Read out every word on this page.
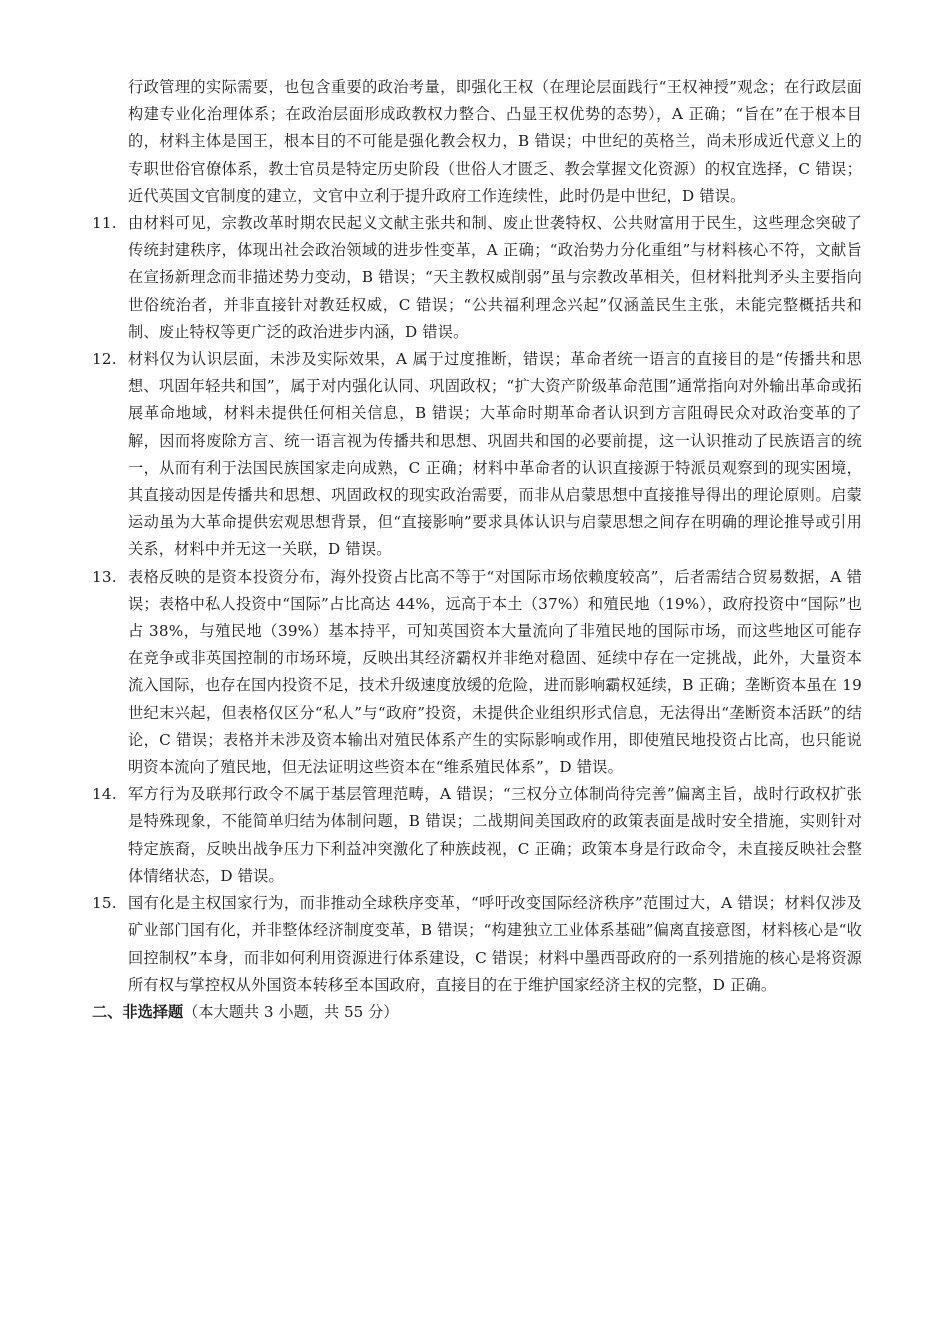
行政管理的实际需要，也包含重要的政治考量，即强化王权（在理论层面践行“王权神授”观念；在行政层面构建专业化治理体系；在政治层面形成政教权力整合、凸显王权优势的态势），A 正确；“旨在”在于根本目的，材料主体是国王，根本目的不可能是强化教会权力，B 错误；中世纪的英格兰，尚未形成近代意义上的专职世俗官僚体系，教士官员是特定历史阶段（世俗人才匮乏、教会掌握文化资源）的权宜选择，C 错误；近代英国文官制度的建立，文官中立利于提升政府工作连续性，此时仍是中世纪，D 错误。

11. 由材料可见，宗教改革时期农民起义文献主张共和制、废止世袭特权、公共财富用于民生，这些理念突破了传统封建秩序，体现出社会政治领域的进步性变革，A 正确；“政治势力分化重组”与材料核心不符，文献旨在宣扬新理念而非描述势力变动，B 错误；“天主教权威削弱”虽与宗教改革相关，但材料批判矛头主要指向世俗统治者，并非直接针对教廷权威，C 错误；“公共福利理念兴起”仅涵盖民生主张，未能完整概括共和制、废止特权等更广泛的政治进步内涵，D 错误。

12. 材料仅为认识层面，未涉及实际效果，A 属于过度推断，错误；革命者统一语言的直接目的是“传播共和思想、巩固年轻共和国”，属于对内强化认同、巩固政权；“扩大资产阶级革命范围”通常指向对外输出革命或拓展革命地域，材料未提供任何相关信息，B 错误；大革命时期革命者认识到方言阻碍民众对政治变革的了解，因而将废除方言、统一语言视为传播共和思想、巩固共和国的必要前提，这一认识推动了民族语言的统一，从而有利于法国民族国家走向成熟，C 正确；材料中革命者的认识直接源于特派员观察到的现实困境，其直接动因是传播共和思想、巩固政权的现实政治需要，而非从启蒙思想中直接推导得出的理论原则。启蒙运动虽为大革命提供宏观思想背景，但“直接影响”要求具体认识与启蒙思想之间存在明确的理论推导或引用关系，材料中并无这一关联，D 错误。

13. 表格反映的是资本投资分布，海外投资占比高不等于“对国际市场依赖度较高”，后者需结合贸易数据，A 错误；表格中私人投资中“国际”占比高达 44%，远高于本土（37%）和殖民地（19%），政府投资中“国际”也占 38%，与殖民地（39%）基本持平，可知英国资本大量流向了非殖民地的国际市场，而这些地区可能存在竞争或非英国控制的市场环境，反映出其经济霸权并非绝对稳固、延续中存在一定挑战，此外，大量资本流入国际，也存在国内投资不足，技术升级速度放缓的危险，进而影响霸权延续，B 正确；垄断资本虽在 19 世纪末兴起，但表格仅区分“私人”与“政府”投资，未提供企业组织形式信息，无法得出“垄断资本活跃”的结论，C 错误；表格并未涉及资本输出对殖民体系产生的实际影响或作用，即使殖民地投资占比高，也只能说明资本流向了殖民地，但无法证明这些资本在“维系殖民体系”，D 错误。

14. 军方行为及联邦行政令不属于基层管理范畴，A 错误；“三权分立体制尚待完善”偏离主旨，战时行政权扩张是特殊现象，不能简单归结为体制问题，B 错误；二战期间美国政府的政策表面是战时安全措施，实则针对特定族裔，反映出战争压力下利益冲突激化了种族歧视，C 正确；政策本身是行政命令，未直接反映社会整体情绪状态，D 错误。

15. 国有化是主权国家行为，而非推动全球秩序变革，“呼吁改变国际经济秩序”范围过大，A 错误；材料仅涉及矿业部门国有化，并非整体经济制度变革，B 错误；“构建独立工业体系基础”偏离直接意图，材料核心是“收回控制权”本身，而非如何利用资源进行体系建设，C 错误；材料中墨西哥政府的一系列措施的核心是将资源所有权与掌控权从外国资本转移至本国政府，直接目的在于维护国家经济主权的完整，D 正确。

二、非选择题（本大题共 3 小题，共 55 分）
